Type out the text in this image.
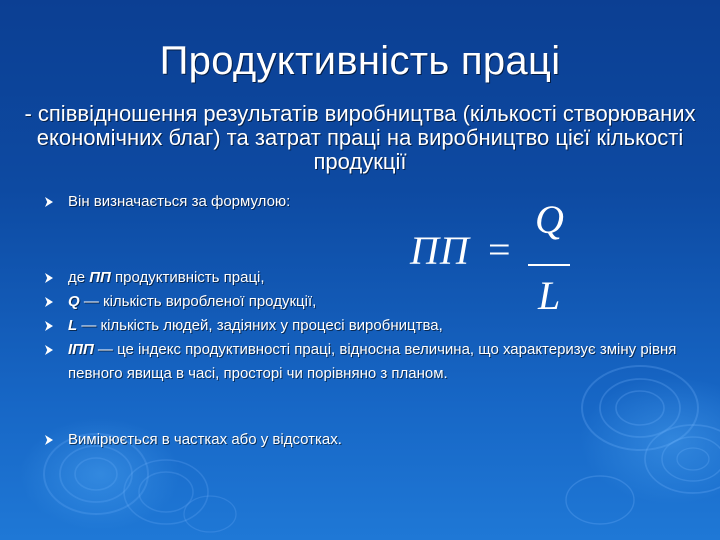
Продуктивність праці
- співвідношення результатів виробництва (кількості створюваних економічних благ) та затрат праці на виробництво цієї кількості продукції
Він визначається за формулою:
ПП =
Q
L
де ПП продуктивність праці,
Q — кількість виробленої продукції,
L — кількість людей, задіяних у процесі виробництва,
ІПП — це індекс продуктивності праці, відносна величина, що характеризує зміну рівня певного явища в часі, просторі чи порівняно з планом.
Вимірюється в частках або у відсотках.
